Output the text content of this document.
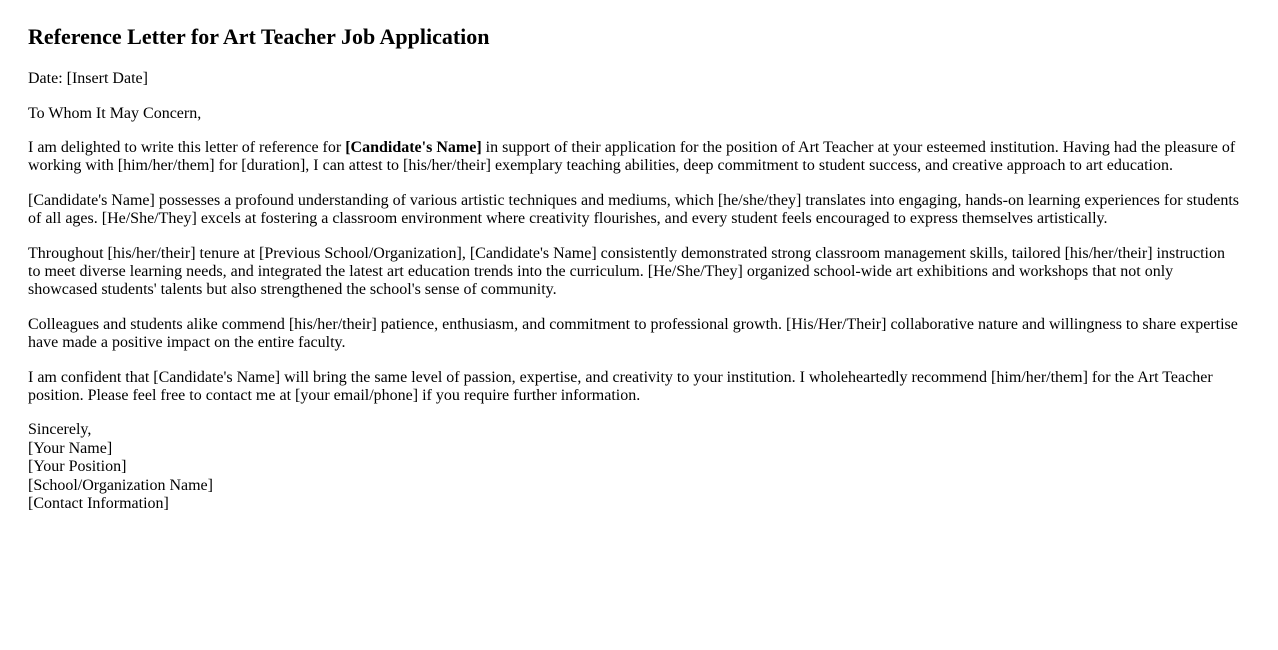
Reference Letter for Art Teacher Job Application

Date: [Insert Date]

To Whom It May Concern,

I am delighted to write this letter of reference for [Candidate's Name] in support of their application for the position of Art Teacher at your esteemed institution. Having had the pleasure of working with [him/her/them] for [duration], I can attest to [his/her/their] exemplary teaching abilities, deep commitment to student success, and creative approach to art education.

[Candidate's Name] possesses a profound understanding of various artistic techniques and mediums, which [he/she/they] translates into engaging, hands-on learning experiences for students of all ages. [He/She/They] excels at fostering a classroom environment where creativity flourishes, and every student feels encouraged to express themselves artistically.

Throughout [his/her/their] tenure at [Previous School/Organization], [Candidate's Name] consistently demonstrated strong classroom management skills, tailored [his/her/their] instruction to meet diverse learning needs, and integrated the latest art education trends into the curriculum. [He/She/They] organized school-wide art exhibitions and workshops that not only showcased students' talents but also strengthened the school's sense of community.

Colleagues and students alike commend [his/her/their] patience, enthusiasm, and commitment to professional growth. [His/Her/Their] collaborative nature and willingness to share expertise have made a positive impact on the entire faculty.

I am confident that [Candidate's Name] will bring the same level of passion, expertise, and creativity to your institution. I wholeheartedly recommend [him/her/them] for the Art Teacher position. Please feel free to contact me at [your email/phone] if you require further information.

Sincerely,
[Your Name]
[Your Position]
[School/Organization Name]
[Contact Information]
